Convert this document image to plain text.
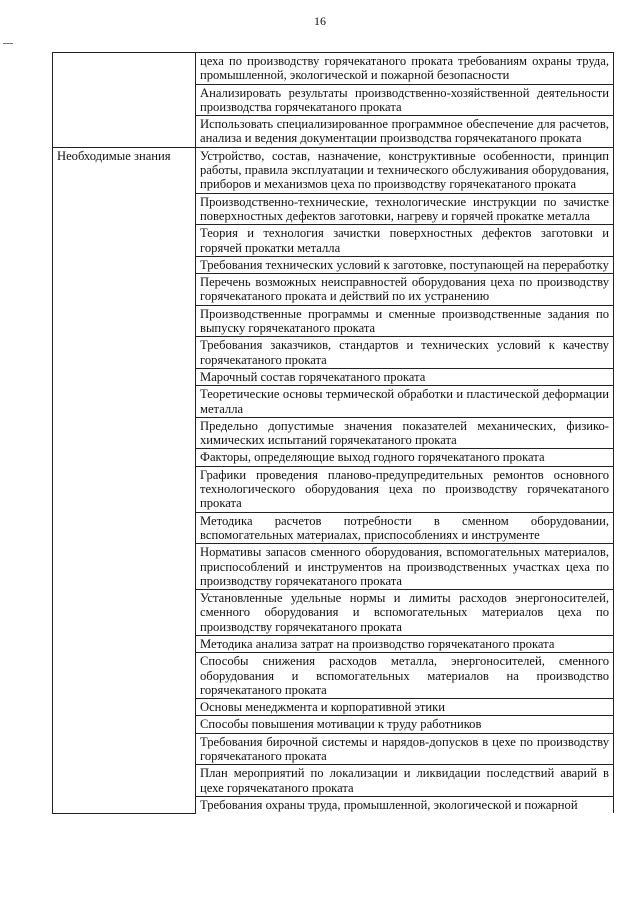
16
	цеха по производству горячекатаного проката требованиям охраны труда, промышленной, экологической и пожарной безопасности
	Анализировать результаты производственно-хозяйственной деятельности производства горячекатаного проката
	Использовать специализированное программное обеспечение для расчетов, анализа и ведения документации производства горячекатаного проката
Необходимые знания	Устройство, состав, назначение, конструктивные особенности, принцип работы, правила эксплуатации и технического обслуживания оборудования, приборов и механизмов цеха по производству горячекатаного проката
	Производственно-технические, технологические инструкции по зачистке поверхностных дефектов заготовки, нагреву и горячей прокатке металла
	Теория и технология зачистки поверхностных дефектов заготовки и горячей прокатки металла
	Требования технических условий к заготовке, поступающей на переработку
	Перечень возможных неисправностей оборудования цеха по производству горячекатаного проката и действий по их устранению
	Производственные программы и сменные производственные задания по выпуску горячекатаного проката
	Требования заказчиков, стандартов и технических условий к качеству горячекатаного проката
	Марочный состав горячекатаного проката
	Теоретические основы термической обработки и пластической деформации металла
	Предельно допустимые значения показателей механических, физико-химических испытаний горячекатаного проката
	Факторы, определяющие выход годного горячекатаного проката
	Графики проведения планово-предупредительных ремонтов основного технологического оборудования цеха по производству горячекатаного проката
	Методика расчетов потребности в сменном оборудовании, вспомогательных материалах, приспособлениях и инструменте
	Нормативы запасов сменного оборудования, вспомогательных материалов, приспособлений и инструментов на производственных участках цеха по производству горячекатаного проката
	Установленные удельные нормы и лимиты расходов энергоносителей, сменного оборудования и вспомогательных материалов цеха по производству горячекатаного проката
	Методика анализа затрат на производство горячекатаного проката
	Способы снижения расходов металла, энергоносителей, сменного оборудования и вспомогательных материалов на производство горячекатаного проката
	Основы менеджмента и корпоративной этики
	Способы повышения мотивации к труду работников
	Требования бирочной системы и нарядов-допусков в цехе по производству горячекатаного проката
	План мероприятий по локализации и ликвидации последствий аварий в цехе горячекатаного проката
	Требования охраны труда, промышленной, экологической и пожарной
